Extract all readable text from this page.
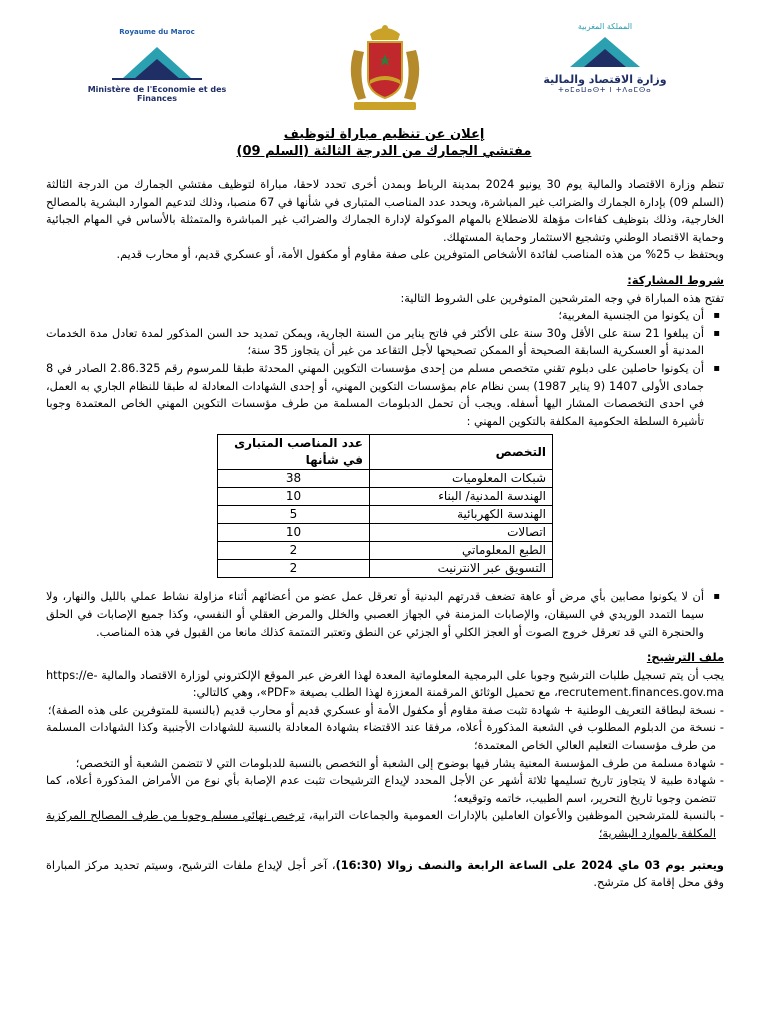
Royaume du Maroc
Ministère de l'Economie et des Finances
المملكة المغربية
وزارة الاقتصاد والمالية
ⵜⴰⵎⴰⵡⴰⵙⵜ ⵏ ⵜⴷⴰⵎⵙⴰ
إعلان عن تنظيم مباراة لتوظيف
مفتشي الجمارك من الدرجة الثالثة (السلم 09)

تنظم وزارة الاقتصاد والمالية يوم 30 يونيو 2024 بمدينة الرباط وبمدن أخرى تحدد لاحقا، مباراة لتوظيف مفتشي الجمارك من الدرجة الثالثة (السلم 09) بإدارة الجمارك والضرائب غير المباشرة، ويحدد عدد المناصب المتبارى في شأنها في 67 منصبا، وذلك لتدعيم الموارد البشرية بالمصالح الخارجية، وذلك بتوظيف كفاءات مؤهلة للاضطلاع بالمهام الموكولة لإدارة الجمارك والضرائب غير المباشرة والمتمثلة بالأساس في المهام الجبائية وحماية الاقتصاد الوطني وتشجيع الاستثمار وحماية المستهلك.

ويحتفظ ب 25% من هذه المناصب لفائدة الأشخاص المتوفرين على صفة مقاوم أو مكفول الأمة، أو عسكري قديم، أو محارب قديم.

شروط المشاركة:

تفتح هذه المباراة في وجه المترشحين المتوفرين على الشروط التالية:

▪ أن يكونوا من الجنسية المغربية؛
▪ أن يبلغوا 21 سنة على الأقل و30 سنة على الأكثر في فاتح يناير من السنة الجارية، ويمكن تمديد حد السن المذكور لمدة تعادل مدة الخدمات المدنية أو العسكرية السابقة الصحيحة أو الممكن تصحيحها لأجل التقاعد من غير أن يتجاوز 35 سنة؛
▪ أن يكونوا حاصلين على دبلوم تقني متخصص مسلم من إحدى مؤسسات التكوين المهني المحدثة طبقا للمرسوم رقم 2.86.325 الصادر في 8 جمادى الأولى 1407 (9 يناير 1987) بسن نظام عام بمؤسسات التكوين المهني، أو إحدى الشهادات المعادلة له طبقا للنظام الجاري به العمل، في احدى التخصصات المشار اليها أسفله. ويجب أن تحمل الدبلومات المسلمة من طرف مؤسسات التكوين المهني الخاص المعتمدة وجوبا تأشيرة السلطة الحكومية المكلفة بالتكوين المهني :
التخصص	عدد المناصب المتبارى في شأنها
شبكات المعلوميات	38
الهندسة المدنية/ البناء	10
الهندسة الكهربائية	5
اتصالات	10
الطبع المعلوماتي	2
التسويق عبر الانترنيت	2
▪ أن لا يكونوا مصابين بأي مرض أو عاهة تضعف قدرتهم البدنية أو تعرقل عمل عضو من أعضائهم أثناء مزاولة نشاط عملي بالليل والنهار، ولا سيما التمدد الوريدي في السيقان، والإصابات المزمنة في الجهاز العصبي والخلل والمرض العقلي أو النفسي، وكذا جميع الإصابات في الحلق والحنجرة التي قد تعرقل خروج الصوت أو العجز الكلي أو الجزئي عن النطق وتعتبر التمتمة كذلك مانعا من القبول في هذه المناصب.

ملف الترشيح:

يجب أن يتم تسجيل طلبات الترشيح وجوبا على البرمجية المعلوماتية المعدة لهذا الغرض عبر الموقع الإلكتروني لوزارة الاقتصاد والمالية https://e-recrutement.finances.gov.ma، مع تحميل الوثائق المرقمنة المعززة لهذا الطلب بصيغة «PDF»، وهي كالتالي:

- نسخة لبطاقة التعريف الوطنية + شهادة تثبت صفة مقاوم أو مكفول الأمة أو عسكري قديم أو محارب قديم (بالنسبة للمتوفرين على هذه الصفة)؛
- نسخة من الدبلوم المطلوب في الشعبة المذكورة أعلاه، مرفقا عند الاقتضاء بشهادة المعادلة بالنسبة للشهادات الأجنبية وكذا الشهادات المسلمة من طرف مؤسسات التعليم العالي الخاص المعتمدة؛
- شهادة مسلمة من طرف المؤسسة المعنية يشار فيها بوضوح إلى الشعبة أو التخصص بالنسبة للدبلومات التي لا تتضمن الشعبة أو التخصص؛
- شهادة طبية لا يتجاوز تاريخ تسليمها ثلاثة أشهر عن الأجل المحدد لإيداع الترشيحات تثبت عدم الإصابة بأي نوع من الأمراض المذكورة أعلاه، كما تتضمن وجوبا تاريخ التحرير، اسم الطبيب، خاتمه وتوقيعه؛
- بالنسبة للمترشحين الموظفين والأعوان العاملين بالإدارات العمومية والجماعات الترابية، ترخيص نهائي مسلم وجوبا من طرف المصالح المركزية المكلفة بالموارد البشرية؛

ويعتبر يوم 03 ماي 2024 على الساعة الرابعة والنصف زوالا (16:30)، آخر أجل لإيداع ملفات الترشيح، وسيتم تحديد مركز المباراة وفق محل إقامة كل مترشح.
